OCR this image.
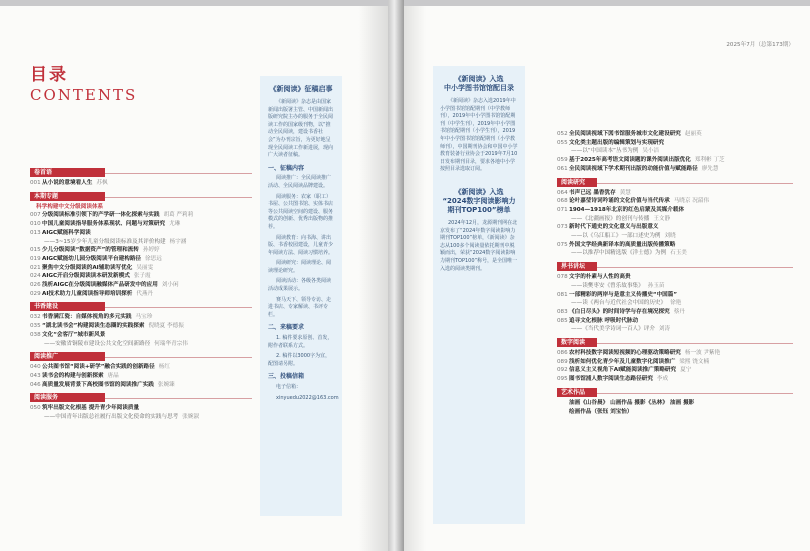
目录
CONTENTS
卷首语
001 从小说的意境看人生 苏枫
本期专题
科学构建中文分级阅读体系
007 分级阅读标准引领下的产学研一体化探索与实践 胡葛 严莉莉
010 中国儿童阅读指导服务体系现状、问题与对策研究 尤琳
013 AIGC赋能科学阅读
——3~15岁少年儿童分级阅读标准及其评价构建 杨宇涵
015 少儿分级阅读“数据资产”的管理和流转 孙婷婷
019 AIGC赋能幼儿园分级阅读平台建构路径 徐思远
021 聚焦中文分级阅读的AI辅助读写优化 吴丽雯
024 AIGC开启分级阅读读本研发新模式 张子霞
026 浅析AIGC在分级阅读融媒体产品研发中的应用 刘小闲
029 AI技术助力儿童阅读指导师培训探析 代燕丹
书香建设
032 书香满江瓷：自媒体视角的多元实践 马宝珍
035 “湖北读书会”构建阅读生态圈的实践探索 倪晓夏 李德振
038 文化“会客厅”城市新风景
——安徽省铜陵市建设公共文化空间新路径 何瑞华青宗伟
阅读推广
040 公共图书馆“阅读+研学”融合实践的创新路径 杨红
043 读书会的构建与创新探索 唐晶
046 高质量发展背景下高校图书馆的阅读推广实践 张婉臻
阅读服务
050 筑牢出版文化根基 提升青少年阅读质量
——中国青年出版总社履行出版文化使命的实践与思考 张婉淑
《新阅读》征稿启事

《新阅读》杂志是由国家新闻出版署主管、中国新闻出版研究院主办的服务于全民阅读工作的国家级刊物，以“推动全民阅读，建设书香社会”为办刊宗旨，为更好地呈现全民阅读工作新进展，现向广大读者征稿。

一、征稿内容

阅读推广：全民阅读推广活动、全民阅读品牌建设。

阅读服务：农家（职工）书屋、公共图书馆、实体书店等公共阅读空间的建设、服务模式的创新、优秀出版物的推荐。

阅读教育：向书海、讲出版、书香校园建设，儿童青少年阅读方法、阅读习惯培养。

阅读研究：阅读理论、阅读理论研究。

阅读活动：各级各类阅读活动成果展示。

赛马天下、领导专访、走进书店、专家解读、书评专栏。

二、来稿要求

1. 稿件要求原创、首发，附作者联系方式。

2. 稿件以3000字为宜，配图请另附。

三、投稿信箱

电子信箱：

xinyuedu2022@163.com

2025年7月（总第173期）
《新阅读》入选
中小学图书馆馆配目录

《新阅读》杂志入选2019年中小学图书馆馆配期刊（中学教师刊），2019年中小学图书馆馆配期刊（中学生刊），2019年中小学图书馆馆配期刊（小学生刊），2019年中小学图书馆馆配期刊（小学教师刊），中国期刊协会和中国中小学教育装备行业协会于2019年7月10日发布期刊目录，要求各地中小学按照目录选取订阅。

《新阅读》入选
“2024数字阅读影响力期刊TOP100”榜单

2024年12月，龙源期刊网在北京发布了“2024年数字阅读影响力期刊TOP100”榜单，《新阅读》杂志从100多个阅读量依托期刊中脱颖而出，荣获“2024数字阅读影响力期刊TOP100”称号，是全国唯一入选的阅读类期刊。

052 全民阅读视域下図书馆服务城市文化建设研究 赵丽英
055 文化类主题出版的编辑策划与实现研究
——以“中国读本”丛书为例 吴小洁
059 基于2025年高考语文阅读题的课外阅读出版优化 郑利彬 丁芝
061 全民阅读视域下学术期刊出版的动能价值与赋能路径 廖先慧
阅读研究
064 书声已远 墨香犹存 黄慧
068 论叶嘉莹诗词吟诵的文化价值与当代传承 马晓京 况韶伟
071 1904—1918年北京的红色启蒙及其媒介载体
——《北疆画报》的创刊与传播 王文静
073 新时代下通史的文化意义与出版意义
——以《乌江船工》一部口述史为例 刘晓
075 外国文学经典新译本的高质量出版传播策略
——以推荐中国精选版《洋士德》为例 石玉美
界书讲坛
078 文字的朴素与人性的高贵
——读樊枣安《曾乐故事集》 孙玉苗
081 一部精彩的两岸与是意主义传播史“中国篇”
——读《两台与近代社会中国的历史》 徐艳
083 《白日尽头》的时间诗学与存在境况探究 蔡丹
085 追寻文化根脉 呼吸时代脉动
——《当代美学诗词一百人》评介 刘涛
数字阅读
086 农村科技数字阅读短视频的心理驱动策略研究 杨一波 尹紫艳
089 浅析如何优化青少年及儿童数字化阅读推广 梁熙 饶文楠
092 信息义主义视角下AI赋能阅读推广策略研究 夏宁
095 图书馆浦人数字阅读生态路径研究 李成
艺术作品
油画《山谷晨》 山画作品 摄影《丛林》 油画 摄影
绘画作品（张钰 刘宝怡）
